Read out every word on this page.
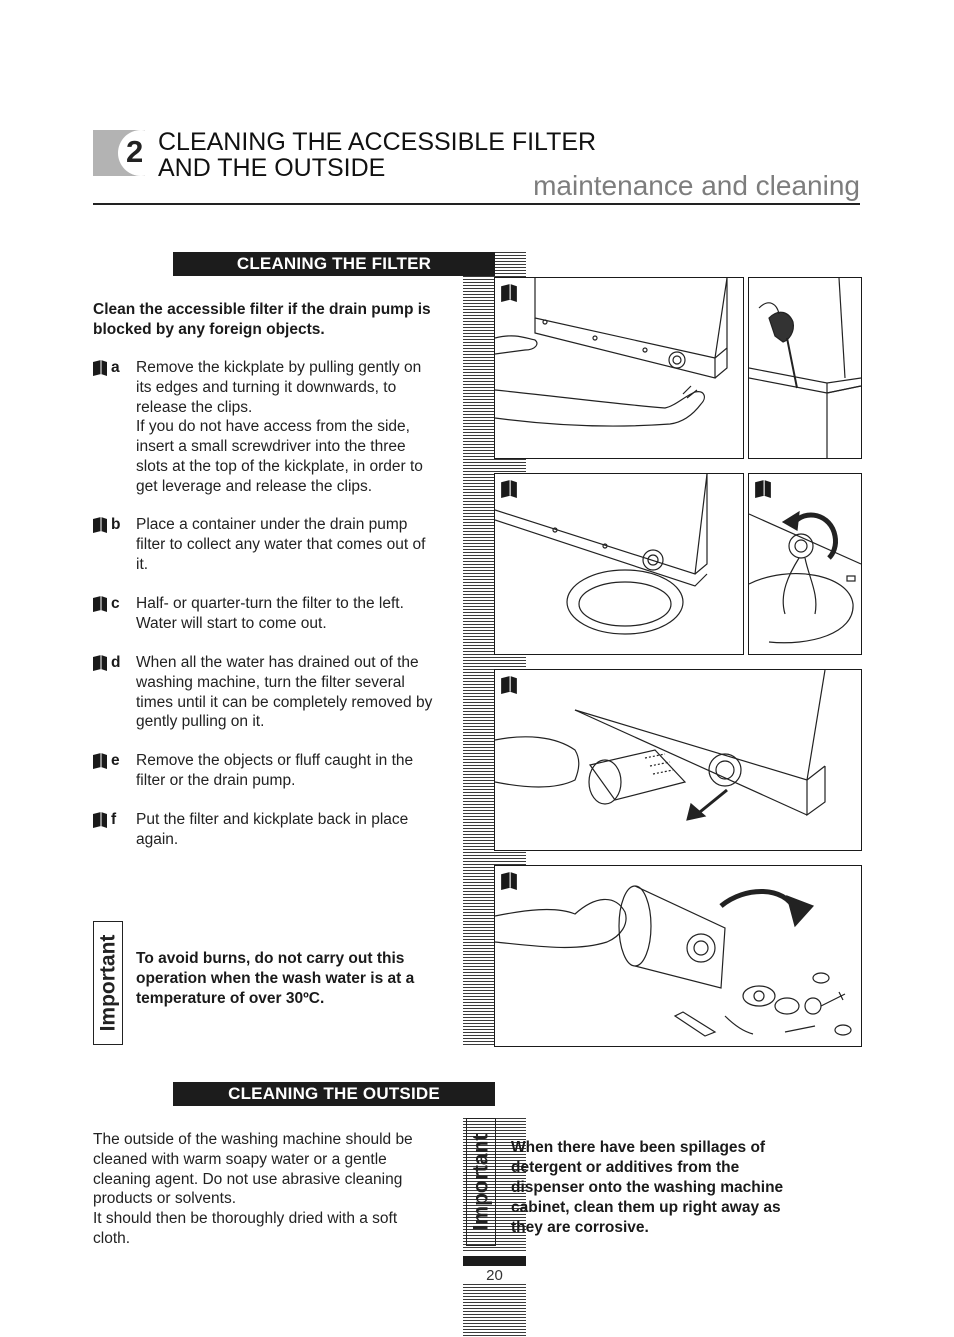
2 CLEANING THE ACCESSIBLE FILTER
AND THE OUTSIDE
maintenance and cleaning
CLEANING THE FILTER
Clean the accessible filter if the drain pump is blocked by any foreign objects.
a Remove the kickplate by pulling gently on its edges and turning it downwards, to release the clips.
If you do not have access from the side, insert a small screwdriver into the three slots at the top of the kickplate, in order to get leverage and release the clips.
b Place a container under the drain pump filter to collect any water that comes out of it.
c Half- or quarter-turn the filter to the left. Water will start to come out.
d When all the water has drained out of the washing machine, turn the filter several times until it can be completely removed by gently pulling on it.
e Remove the objects or fluff caught in the filter or the drain pump.
f Put the filter and kickplate back in place again.
Important To avoid burns, do not carry out this operation when the wash water is at a temperature of over 30ºC.
CLEANING THE OUTSIDE
The outside of the washing machine should be cleaned with warm soapy water or a gentle cleaning agent. Do not use abrasive cleaning products or solvents.
It should then be thoroughly dried with a soft cloth.
Important When there have been spillages of detergent or additives from the dispenser onto the washing machine cabinet, clean them up right away as they are corrosive.
20
